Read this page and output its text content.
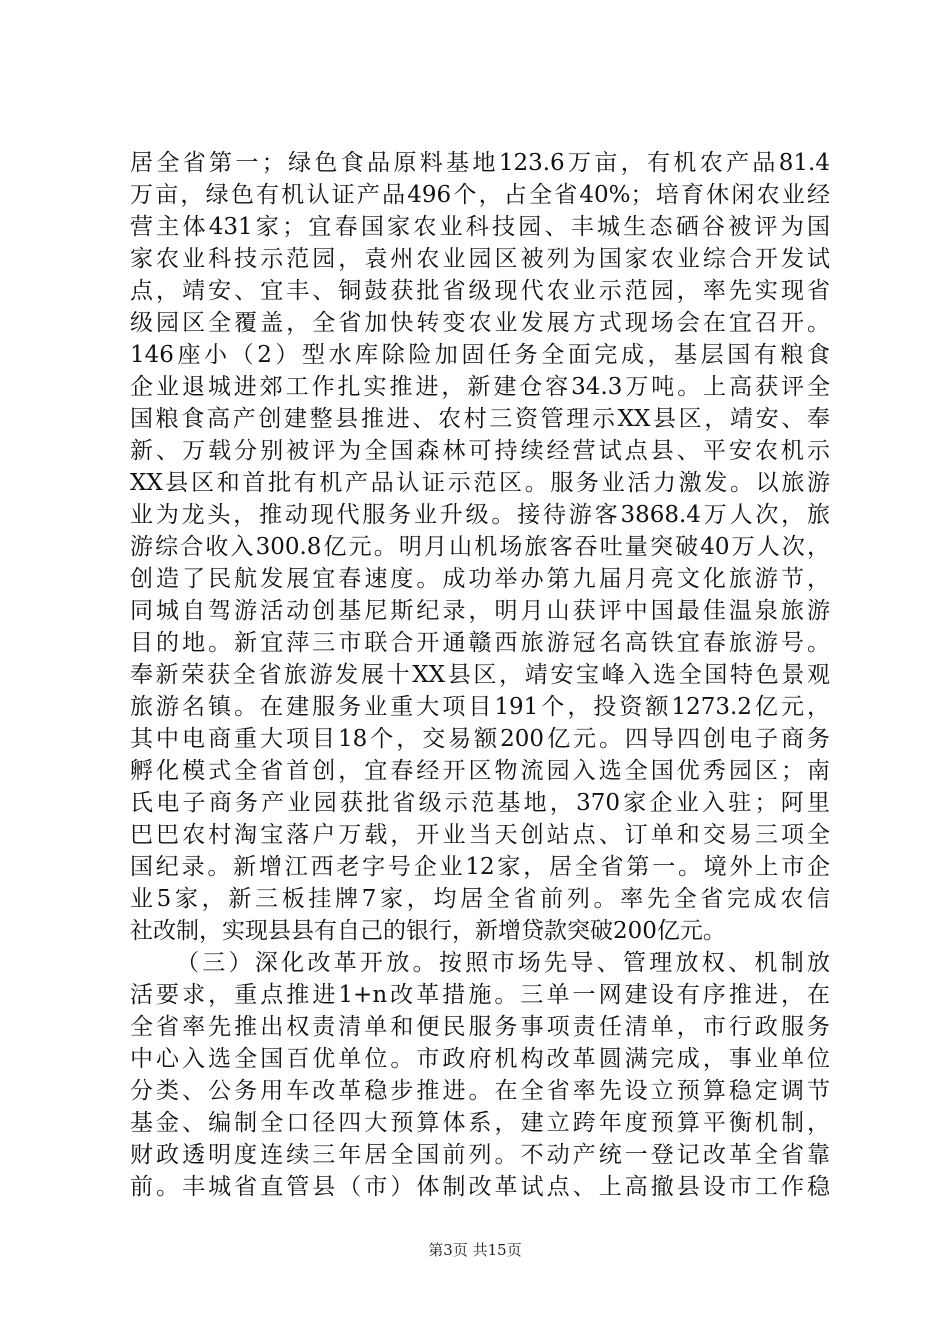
居全省第一；绿色食品原料基地123.6万亩，有机农产品81.4
万亩，绿色有机认证产品496个，占全省40%；培育休闲农业经
营主体431家；宜春国家农业科技园、丰城生态硒谷被评为国
家农业科技示范园，袁州农业园区被列为国家农业综合开发试
点，靖安、宜丰、铜鼓获批省级现代农业示范园，率先实现省
级园区全覆盖，全省加快转变农业发展方式现场会在宜召开。
146座小（2）型水库除险加固任务全面完成，基层国有粮食
企业退城进郊工作扎实推进，新建仓容34.3万吨。上高获评全
国粮食高产创建整县推进、农村三资管理示XX县区，靖安、奉
新、万载分别被评为全国森林可持续经营试点县、平安农机示
XX县区和首批有机产品认证示范区。服务业活力激发。以旅游
业为龙头，推动现代服务业升级。接待游客3868.4万人次，旅
游综合收入300.8亿元。明月山机场旅客吞吐量突破40万人次，
创造了民航发展宜春速度。成功举办第九届月亮文化旅游节，
同城自驾游活动创基尼斯纪录，明月山获评中国最佳温泉旅游
目的地。新宜萍三市联合开通赣西旅游冠名高铁宜春旅游号。
奉新荣获全省旅游发展十XX县区，靖安宝峰入选全国特色景观
旅游名镇。在建服务业重大项目191个，投资额1273.2亿元，
其中电商重大项目18个，交易额200亿元。四导四创电子商务
孵化模式全省首创，宜春经开区物流园入选全国优秀园区；南
氏电子商务产业园获批省级示范基地，370家企业入驻；阿里
巴巴农村淘宝落户万载，开业当天创站点、订单和交易三项全
国纪录。新增江西老字号企业12家，居全省第一。境外上市企
业5家，新三板挂牌7家，均居全省前列。率先全省完成农信
社改制，实现县县有自己的银行，新增贷款突破200亿元。
（三）深化改革开放。按照市场先导、管理放权、机制放
活要求，重点推进1+n改革措施。三单一网建设有序推进，在
全省率先推出权责清单和便民服务事项责任清单，市行政服务
中心入选全国百优单位。市政府机构改革圆满完成，事业单位
分类、公务用车改革稳步推进。在全省率先设立预算稳定调节
基金、编制全口径四大预算体系，建立跨年度预算平衡机制，
财政透明度连续三年居全国前列。不动产统一登记改革全省靠
前。丰城省直管县（市）体制改革试点、上高撤县设市工作稳
第3页 共15页
